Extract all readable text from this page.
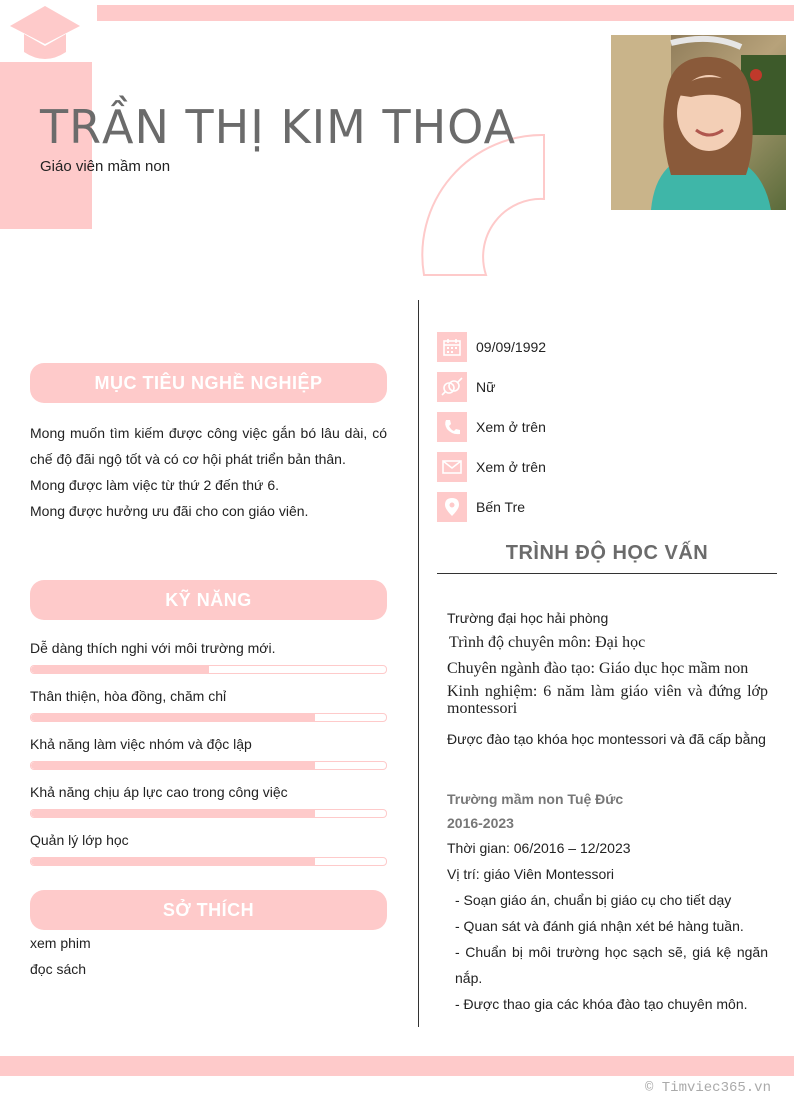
TRẦN THỊ KIM THOA
Giáo viên mầm non
MỤC TIÊU NGHỀ NGHIỆP

Mong muốn tìm kiếm được công việc gắn bó lâu dài, có chế độ đãi ngộ tốt và có cơ hội phát triển bản thân.

Mong được làm việc từ thứ 2 đến thứ 6.

Mong được hưởng ưu đãi cho con giáo viên.

KỸ NĂNG
Dễ dàng thích nghi với môi trường mới.
Thân thiện, hòa đồng, chăm chỉ
Khả năng làm việc nhóm và độc lập
Khả năng chịu áp lực cao trong công việc
Quản lý lớp học
SỞ THÍCH
xem phim
đọc sách
09/09/1992
Nữ
Xem ở trên
Xem ở trên
Bến Tre
TRÌNH ĐỘ HỌC VẤN
Trường đại học hải phòng
Trình độ chuyên môn: Đại học
Chuyên ngành đào tạo: Giáo dục học mầm non
Kinh nghiệm: 6 năm làm giáo viên và đứng lớp montessori
Được đào tạo khóa học montessori và đã cấp bằng
Trường mầm non Tuệ Đức
2016-2023
Thời gian: 06/2016 – 12/2023
Vị trí: giáo Viên Montessori
- Soạn giáo án, chuẩn bị giáo cụ cho tiết dạy
- Quan sát và đánh giá nhận xét bé hàng tuần.
- Chuẩn bị môi trường học sạch sẽ, giá kệ ngăn nắp.
- Được thao gia các khóa đào tạo chuyên môn.
© Timviec365.vn
